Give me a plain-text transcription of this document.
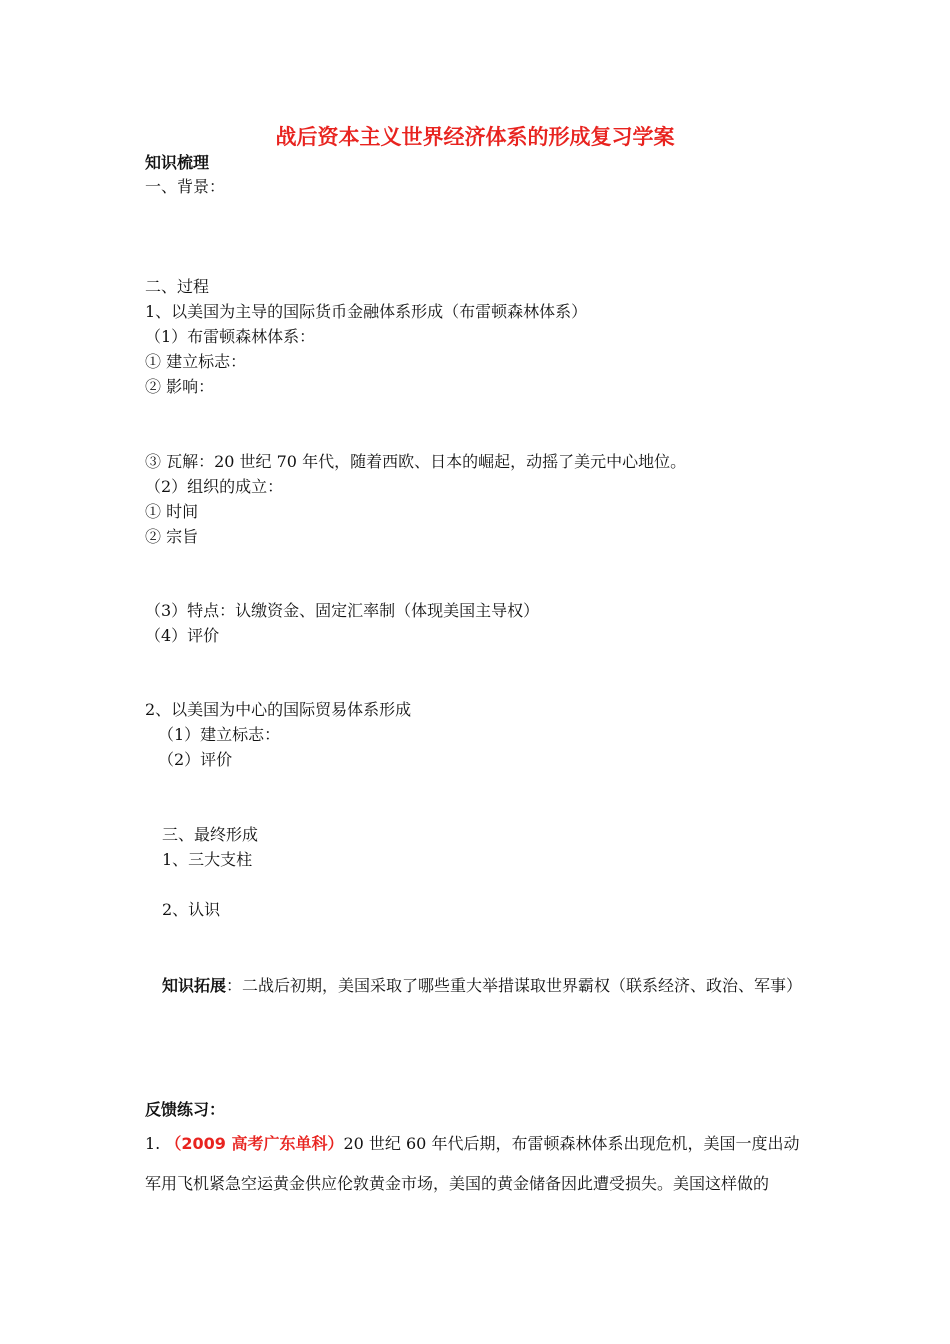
战后资本主义世界经济体系的形成复习学案
知识梳理
一、背景：
二、过程
1、以美国为主导的国际货币金融体系形成（布雷顿森林体系）
（1）布雷顿森林体系：
① 建立标志：
② 影响：
③ 瓦解：20 世纪 70 年代，随着西欧、日本的崛起，动摇了美元中心地位。
（2）组织的成立：
① 时间
② 宗旨
（3）特点：认缴资金、固定汇率制（体现美国主导权）
（4）评价
2、以美国为中心的国际贸易体系形成
（1）建立标志：
（2）评价
三、最终形成
1、三大支柱
2、认识
知识拓展：二战后初期，美国采取了哪些重大举措谋取世界霸权（联系经济、政治、军事）
反馈练习：
1. （2009 高考广东单科）20 世纪 60 年代后期，布雷顿森林体系出现危机，美国一度出动军用飞机紧急空运黄金供应伦敦黄金市场，美国的黄金储备因此遭受损失。美国这样做的
